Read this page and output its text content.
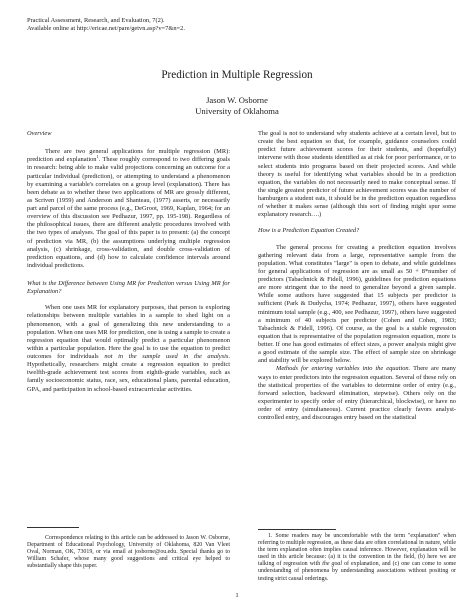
Practical Assessment, Research, and Evaluation, 7(2).
Available online at http://ericae.net/pare/getvn.asp?v=7&n=2.
Prediction in Multiple Regression
Jason W. Osborne
University of Oklahoma

Overview

There are two general applications for multiple regression (MR): prediction and explanation$^1$. These roughly correspond to two differing goals in research: being able to make valid projections concerning an outcome for a particular individual (prediction), or attempting to understand a phenomenon by examining a variable's correlates on a group level (explanation). There has been debate as to whether these two applications of MR are grossly different, as Scriven (1959) and Anderson and Shanteau, (1977) asserts, or necessarily part and parcel of the same process (e.g., DeGroot, 1969, Kaplan, 1964; for an overview of this discussion see Pedhazur, 1997, pp. 195-198). Regardless of the philosophical issues, there are different analytic procedures involved with the two types of analyses. The goal of this paper is to present: (a) the concept of prediction via MR, (b) the assumptions underlying multiple regression analysis, (c) shrinkage, cross-validation, and double cross-validation of prediction equations, and (d) how to calculate confidence intervals around individual predictions.

What is the Difference between Using MR for Prediction versus Using MR for Explanation?

When one uses MR for explanatory purposes, that person is exploring relationships between multiple variables in a sample to shed light on a phenomenon, with a goal of generalizing this new understanding to a population. When one uses MR for prediction, one is using a sample to create a regression equation that would optimally predict a particular phenomenon within a particular population. Here the goal is to use the equation to predict outcomes for individuals not in the sample used in the analysis. Hypothetically, researchers might create a regression equation to predict twelfth-grade achievement test scores from eighth-grade variables, such as family socioeconomic status, race, sex, educational plans, parental education, GPA, and participation in school-based extracurricular activities.

The goal is not to understand why students achieve at a certain level, but to create the best equation so that, for example, guidance counselors could predict future achievement scores for their students, and (hopefully) intervene with those students identified as at risk for poor performance, or to select students into programs based on their projected scores. And while theory is useful for identifying what variables should be in a prediction equation, the variables do not necessarily need to make conceptual sense. If the single greatest predictor of future achievement scores was the number of hamburgers a student eats, it should be in the prediction equation regardless of whether it makes sense (although this sort of finding might spur some explanatory research….)

How is a Prediction Equation Created?

The general process for creating a prediction equation involves gathering relevant data from a large, representative sample from the population. What constitutes "large" is open to debate, and while guidelines for general applications of regression are as small as 50 + 8*number of predictors (Tabachnick & Fidell, 1996), guidelines for prediction equations are more stringent due to the need to generalize beyond a given sample. While some authors have suggested that 15 subjects per predictor is sufficient (Park & Dudycha, 1974; Pedhazur, 1997), others have suggested minimum total sample (e.g., 400, see Pedhazur, 1997), others have suggested a minimum of 40 subjects per predictor (Cohen and Cohen, 1983; Tabachnick & Fidell, 1996). Of course, as the goal is a stable regression equation that is representative of the population regression equation, more is better. If one has good estimates of effect sizes, a power analysis might give a good estimate of the sample size. The effect of sample size on shrinkage and stability will be explored below.

Methods for entering variables into the equation. There are many ways to enter predictors into the regression equation. Several of these rely on the statistical properties of the variables to determine order of entry (e.g., forward selection, backward elimination, stepwise). Others rely on the experimenter to specify order of entry (hierarchical, blockwise), or have no order of entry (simultaneous). Current practice clearly favors analyst-controlled entry, and discourages entry based on the statistical

Correspondence relating to this article can be addressed to Jason W. Osborne, Department of Educational Psychology, University of Oklahoma, 820 Van Vleet Oval, Norman, OK, 73019, or via email at josborne@ou.edu. Special thanks go to William Schafer, whose many good suggestions and critical eye helped to substantially shape this paper.

1. Some readers may be uncomfortable with the term "explanation" when referring to multiple regression, as these data are often correlational in nature, while the term explanation often implies causal inference. However, explanation will be used in this article because: (a) it is the convention in the field, (b) here we are talking of regression with the goal of explanation, and (c) one can come to some understanding of phenomena by understanding associations without positing or testing strict causal orderings.

1
